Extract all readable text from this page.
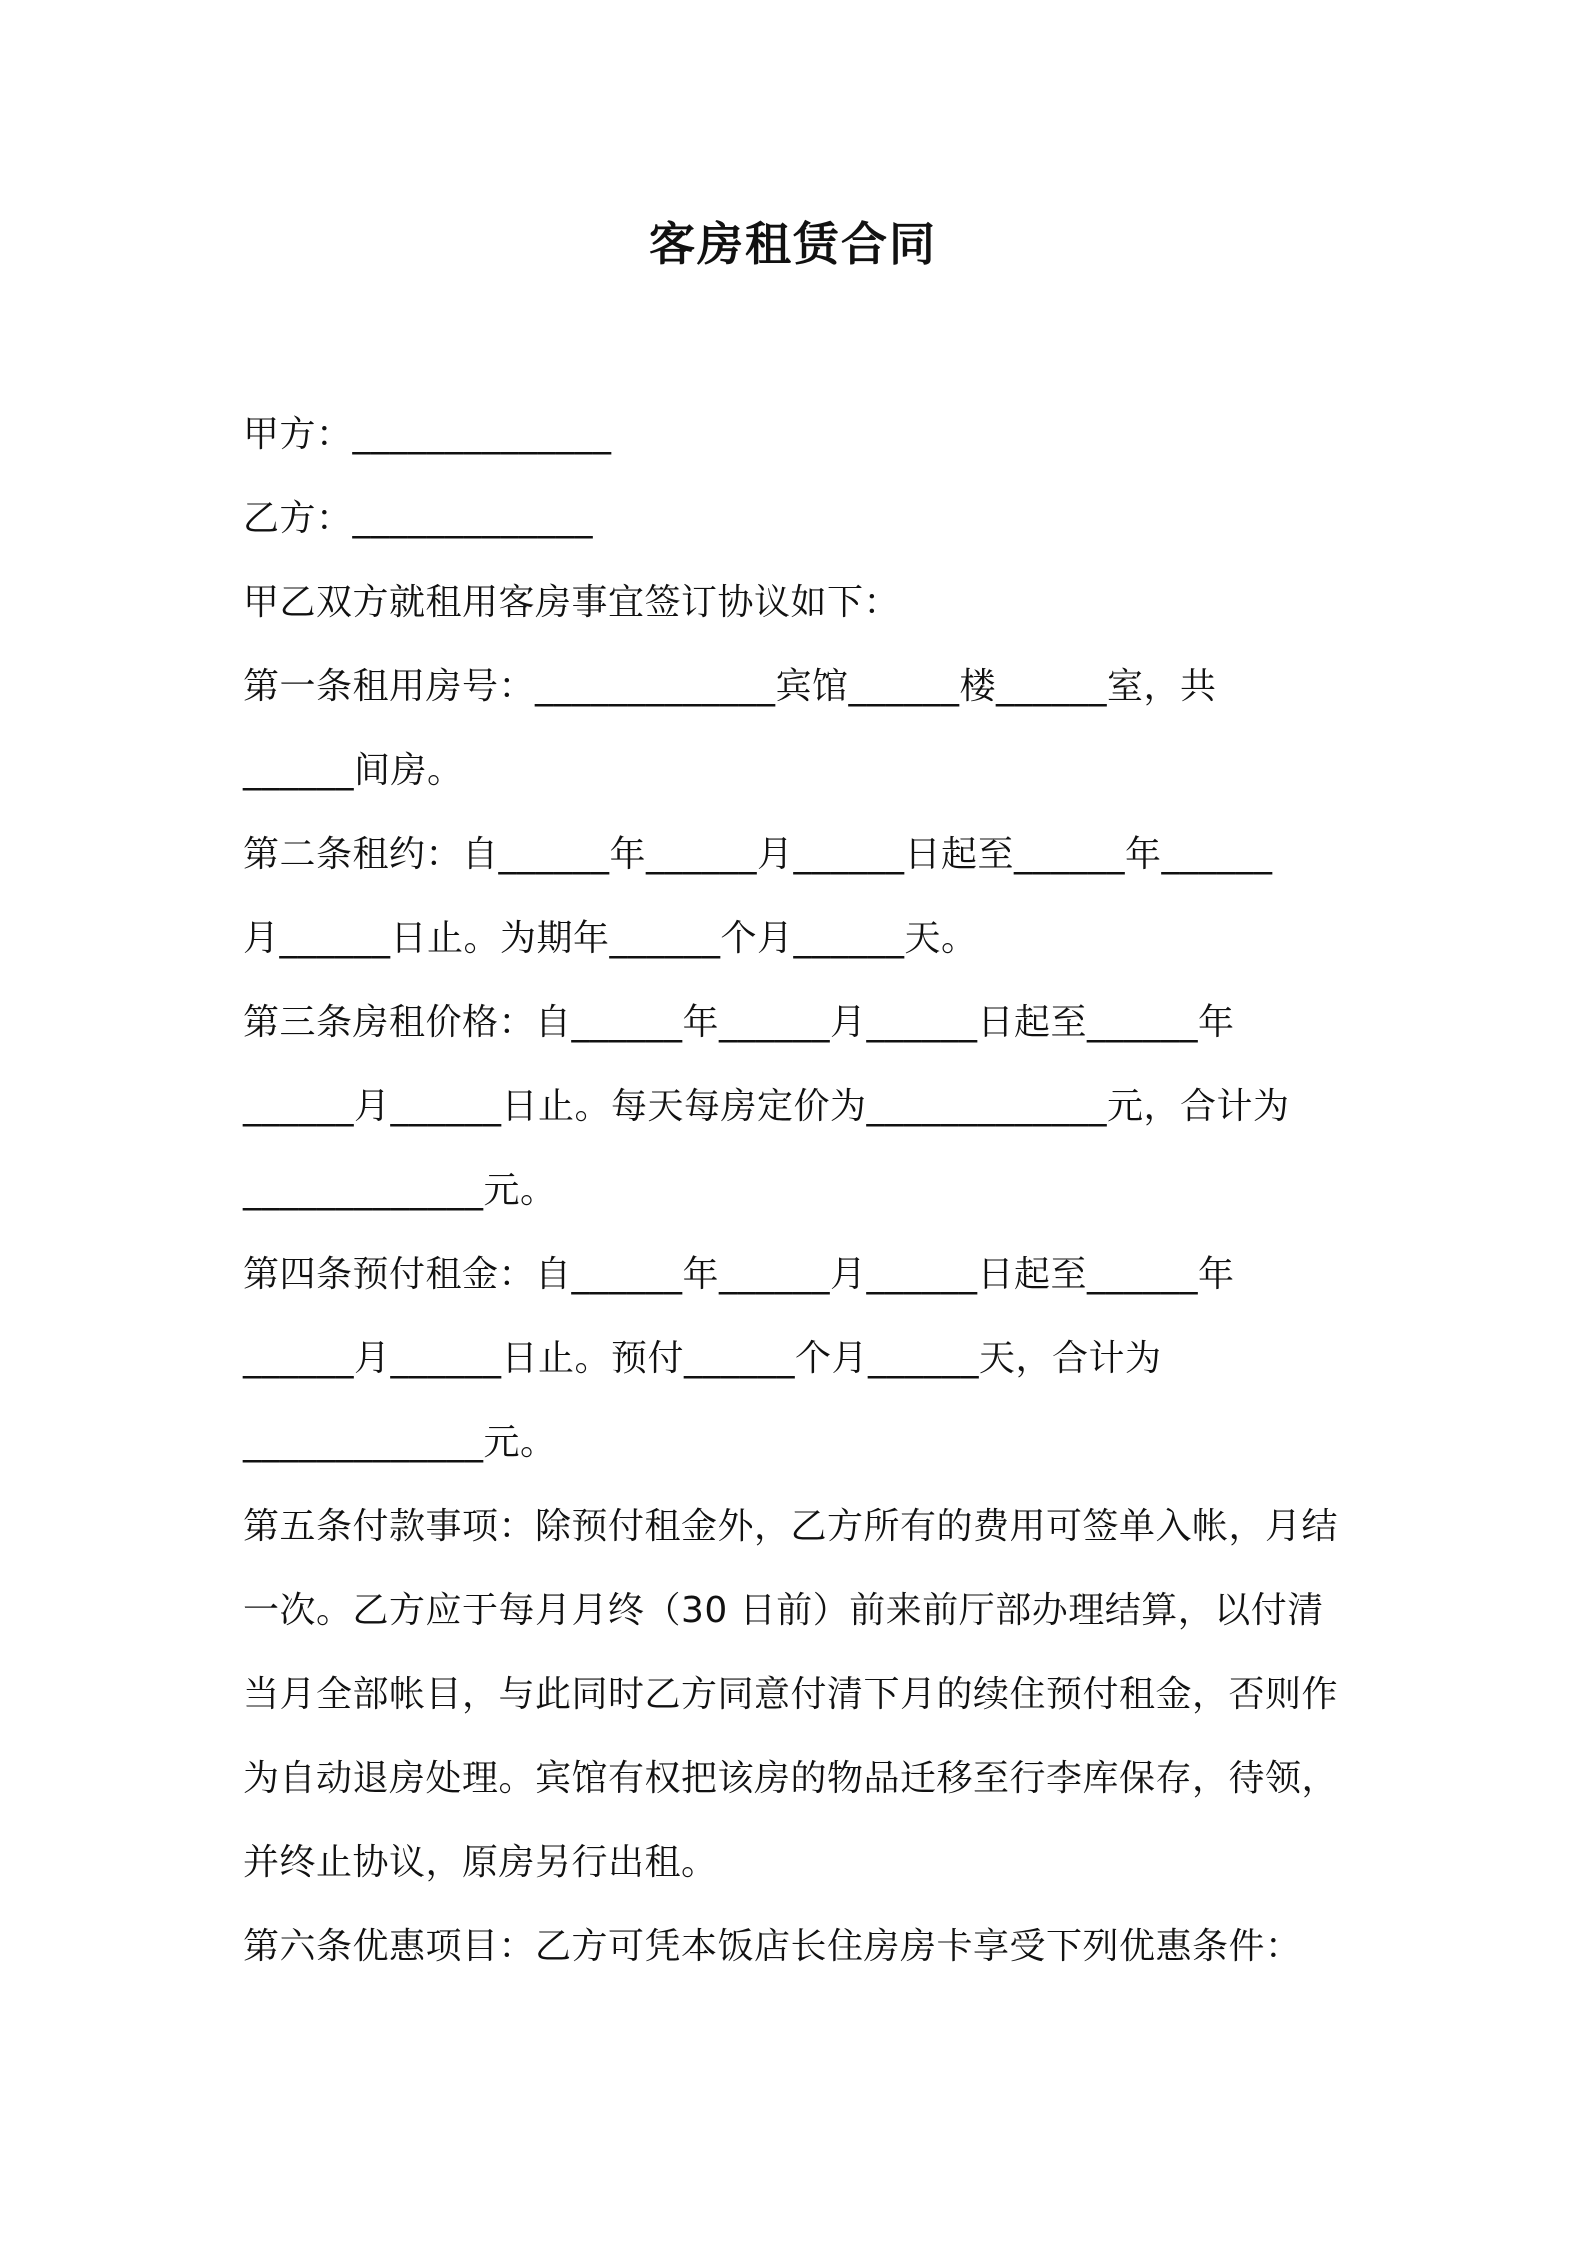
客房租赁合同
甲方：______________
乙方：_____________
甲乙双方就租用客房事宜签订协议如下：
第一条租用房号：_____________宾馆______楼______室，共
______间房。
第二条租约：自______年______月______日起至______年______
月______日止。为期年______个月______天。
第三条房租价格：自______年______月______日起至______年
______月______日止。每天每房定价为_____________元，合计为
_____________元。
第四条预付租金：自______年______月______日起至______年
______月______日止。预付______个月______天，合计为
_____________元。
第五条付款事项：除预付租金外，乙方所有的费用可签单入帐，月结
一次。乙方应于每月月终（30 日前）前来前厅部办理结算，以付清
当月全部帐目，与此同时乙方同意付清下月的续住预付租金，否则作
为自动退房处理。宾馆有权把该房的物品迁移至行李库保存，待领，
并终止协议，原房另行出租。
第六条优惠项目：乙方可凭本饭店长住房房卡享受下列优惠条件：
